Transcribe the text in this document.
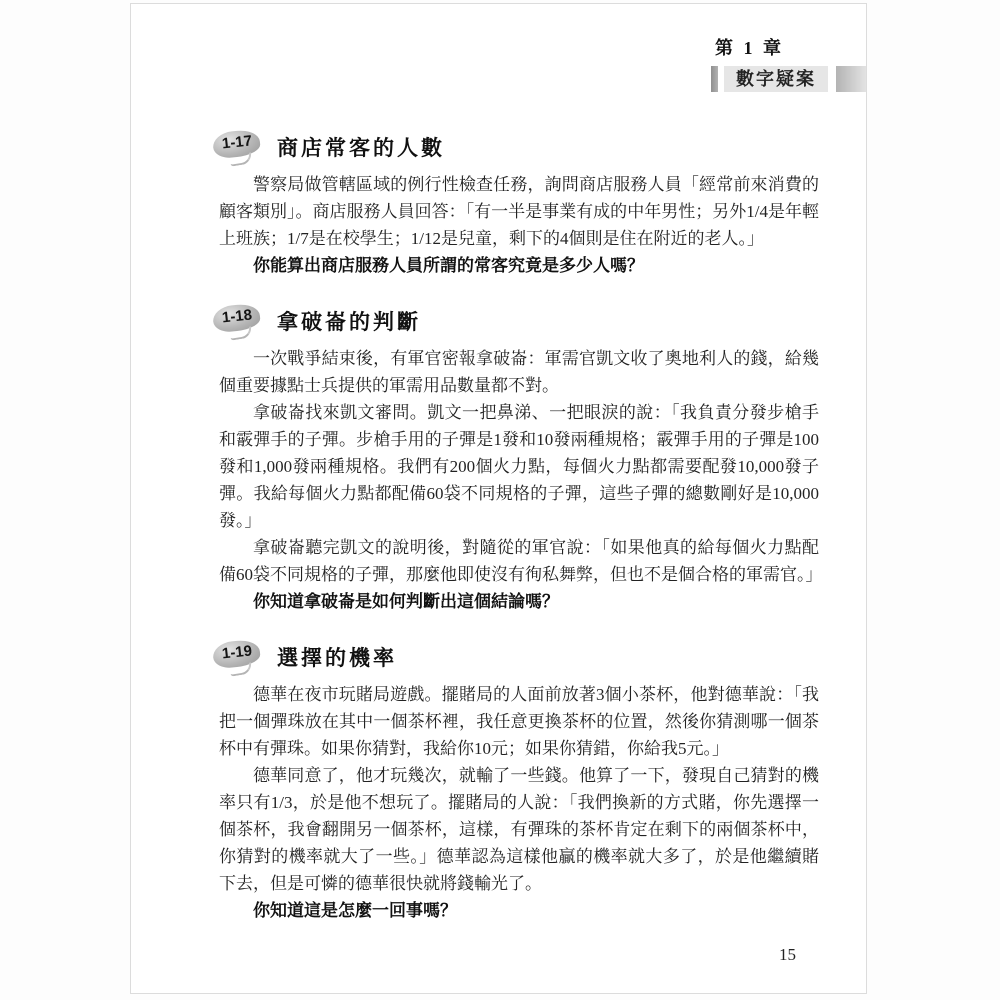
第 1 章
數字疑案
1-17	商店常客的人數

警察局做管轄區域的例行性檢查任務，詢問商店服務人員「經常前來消費的顧客類別」。商店服務人員回答：「有一半是事業有成的中年男性；另外1/4是年輕上班族；1/7是在校學生；1/12是兒童，剩下的4個則是住在附近的老人。」

你能算出商店服務人員所謂的常客究竟是多少人嗎？

1-18	拿破崙的判斷

一次戰爭結束後，有軍官密報拿破崙：軍需官凱文收了奧地利人的錢，給幾個重要據點士兵提供的軍需用品數量都不對。

拿破崙找來凱文審問。凱文一把鼻涕、一把眼淚的說：「我負責分發步槍手和霰彈手的子彈。步槍手用的子彈是1發和10發兩種規格；霰彈手用的子彈是100發和1,000發兩種規格。我們有200個火力點，每個火力點都需要配發10,000發子彈。我給每個火力點都配備60袋不同規格的子彈，這些子彈的總數剛好是10,000發。」

拿破崙聽完凱文的說明後，對隨從的軍官說：「如果他真的給每個火力點配備60袋不同規格的子彈，那麼他即使沒有徇私舞弊，但也不是個合格的軍需官。」

你知道拿破崙是如何判斷出這個結論嗎？

1-19	選擇的機率

德華在夜市玩賭局遊戲。擺賭局的人面前放著3個小茶杯，他對德華說：「我把一個彈珠放在其中一個茶杯裡，我任意更換茶杯的位置，然後你猜測哪一個茶杯中有彈珠。如果你猜對，我給你10元；如果你猜錯，你給我5元。」

德華同意了，他才玩幾次，就輸了一些錢。他算了一下，發現自己猜對的機率只有1/3，於是他不想玩了。擺賭局的人說：「我們換新的方式賭，你先選擇一個茶杯，我會翻開另一個茶杯，這樣，有彈珠的茶杯肯定在剩下的兩個茶杯中，你猜對的機率就大了一些。」德華認為這樣他贏的機率就大多了，於是他繼續賭下去，但是可憐的德華很快就將錢輸光了。

你知道這是怎麼一回事嗎？

15
